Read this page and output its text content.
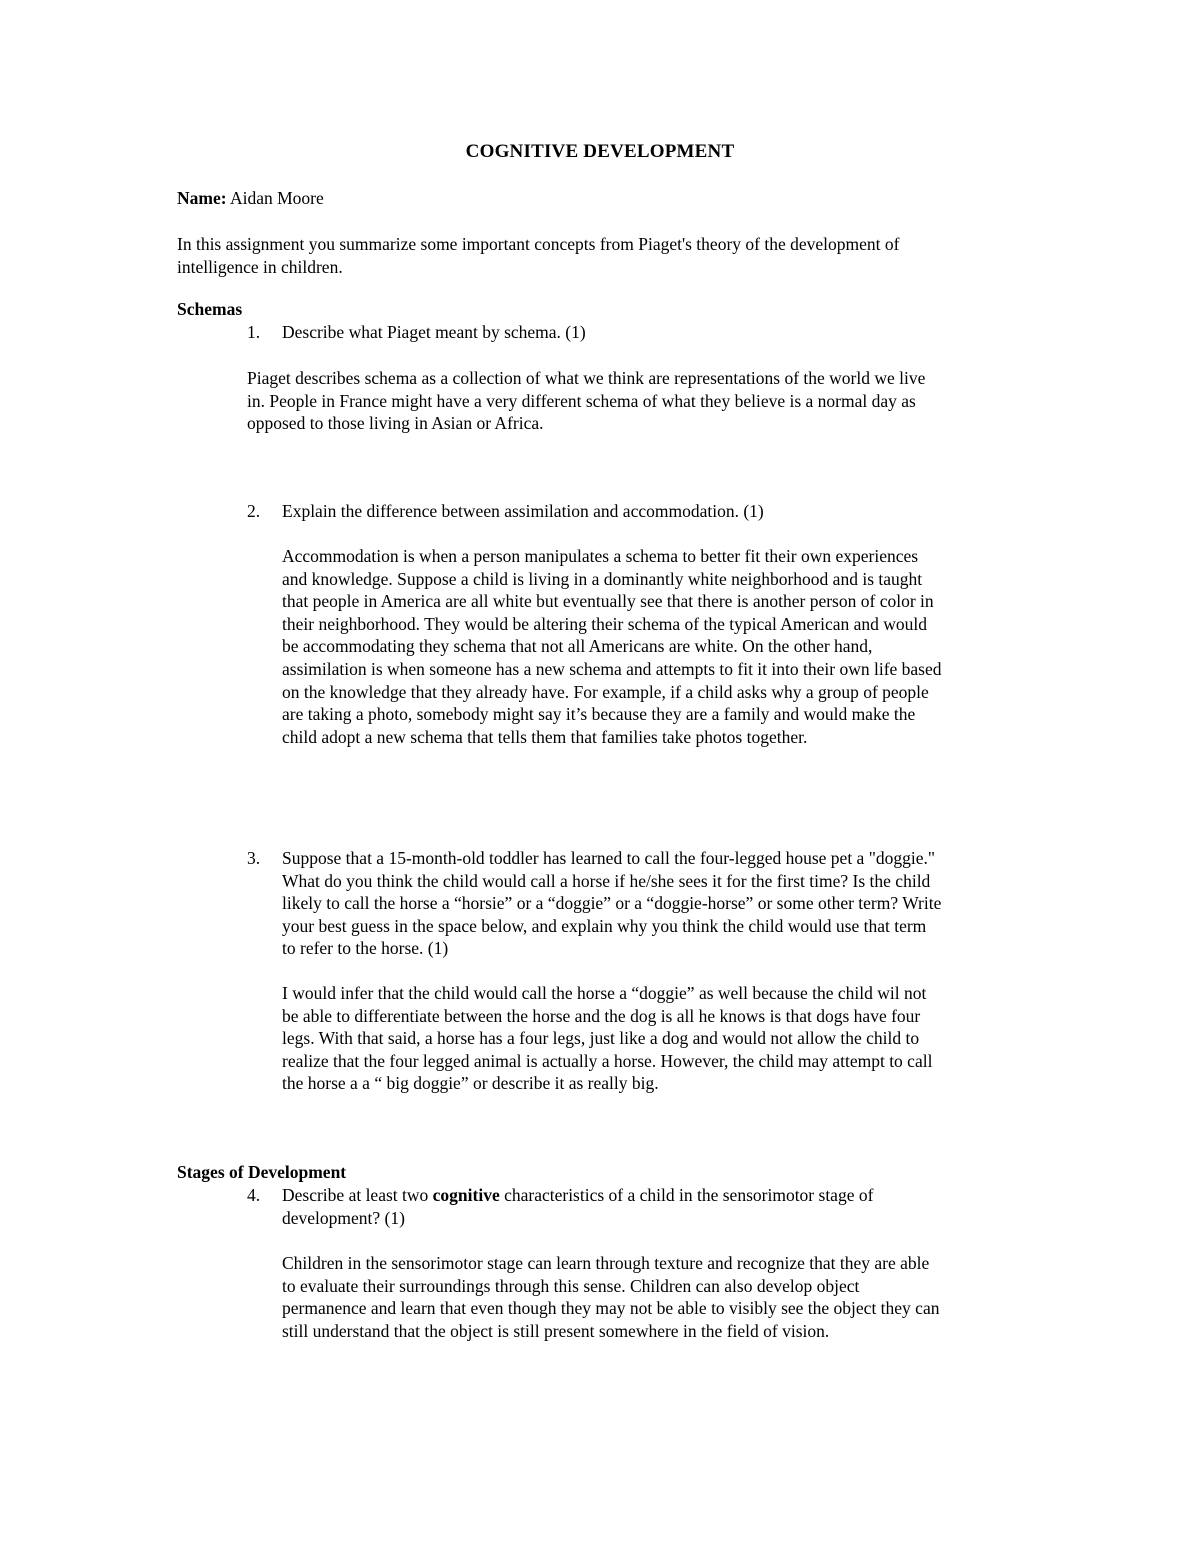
COGNITIVE DEVELOPMENT
Name: Aidan Moore
In this assignment you summarize some important concepts from Piaget's theory of the development of
intelligence in children.
Schemas
1. Describe what Piaget meant by schema. (1)
Piaget describes schema as a collection of what we think are representations of the world we live
in. People in France might have a very different schema of what they believe is a normal day as
opposed to those living in Asian or Africa.
2. Explain the difference between assimilation and accommodation. (1)
Accommodation is when a person manipulates a schema to better fit their own experiences
and knowledge. Suppose a child is living in a dominantly white neighborhood and is taught
that people in America are all white but eventually see that there is another person of color in
their neighborhood. They would be altering their schema of the typical American and would
be accommodating they schema that not all Americans are white. On the other hand,
assimilation is when someone has a new schema and attempts to fit it into their own life based
on the knowledge that they already have. For example, if a child asks why a group of people
are taking a photo, somebody might say it’s because they are a family and would make the
child adopt a new schema that tells them that families take photos together.
3. Suppose that a 15-month-old toddler has learned to call the four-legged house pet a "doggie."
What do you think the child would call a horse if he/she sees it for the first time? Is the child
likely to call the horse a “horsie” or a “doggie” or a “doggie-horse” or some other term? Write
your best guess in the space below, and explain why you think the child would use that term
to refer to the horse. (1)
I would infer that the child would call the horse a “doggie” as well because the child wil not
be able to differentiate between the horse and the dog is all he knows is that dogs have four
legs. With that said, a horse has a four legs, just like a dog and would not allow the child to
realize that the four legged animal is actually a horse. However, the child may attempt to call
the horse a a “ big doggie” or describe it as really big.
Stages of Development
4. Describe at least two cognitive characteristics of a child in the sensorimotor stage of
development? (1)
Children in the sensorimotor stage can learn through texture and recognize that they are able
to evaluate their surroundings through this sense. Children can also develop object
permanence and learn that even though they may not be able to visibly see the object they can
still understand that the object is still present somewhere in the field of vision.
